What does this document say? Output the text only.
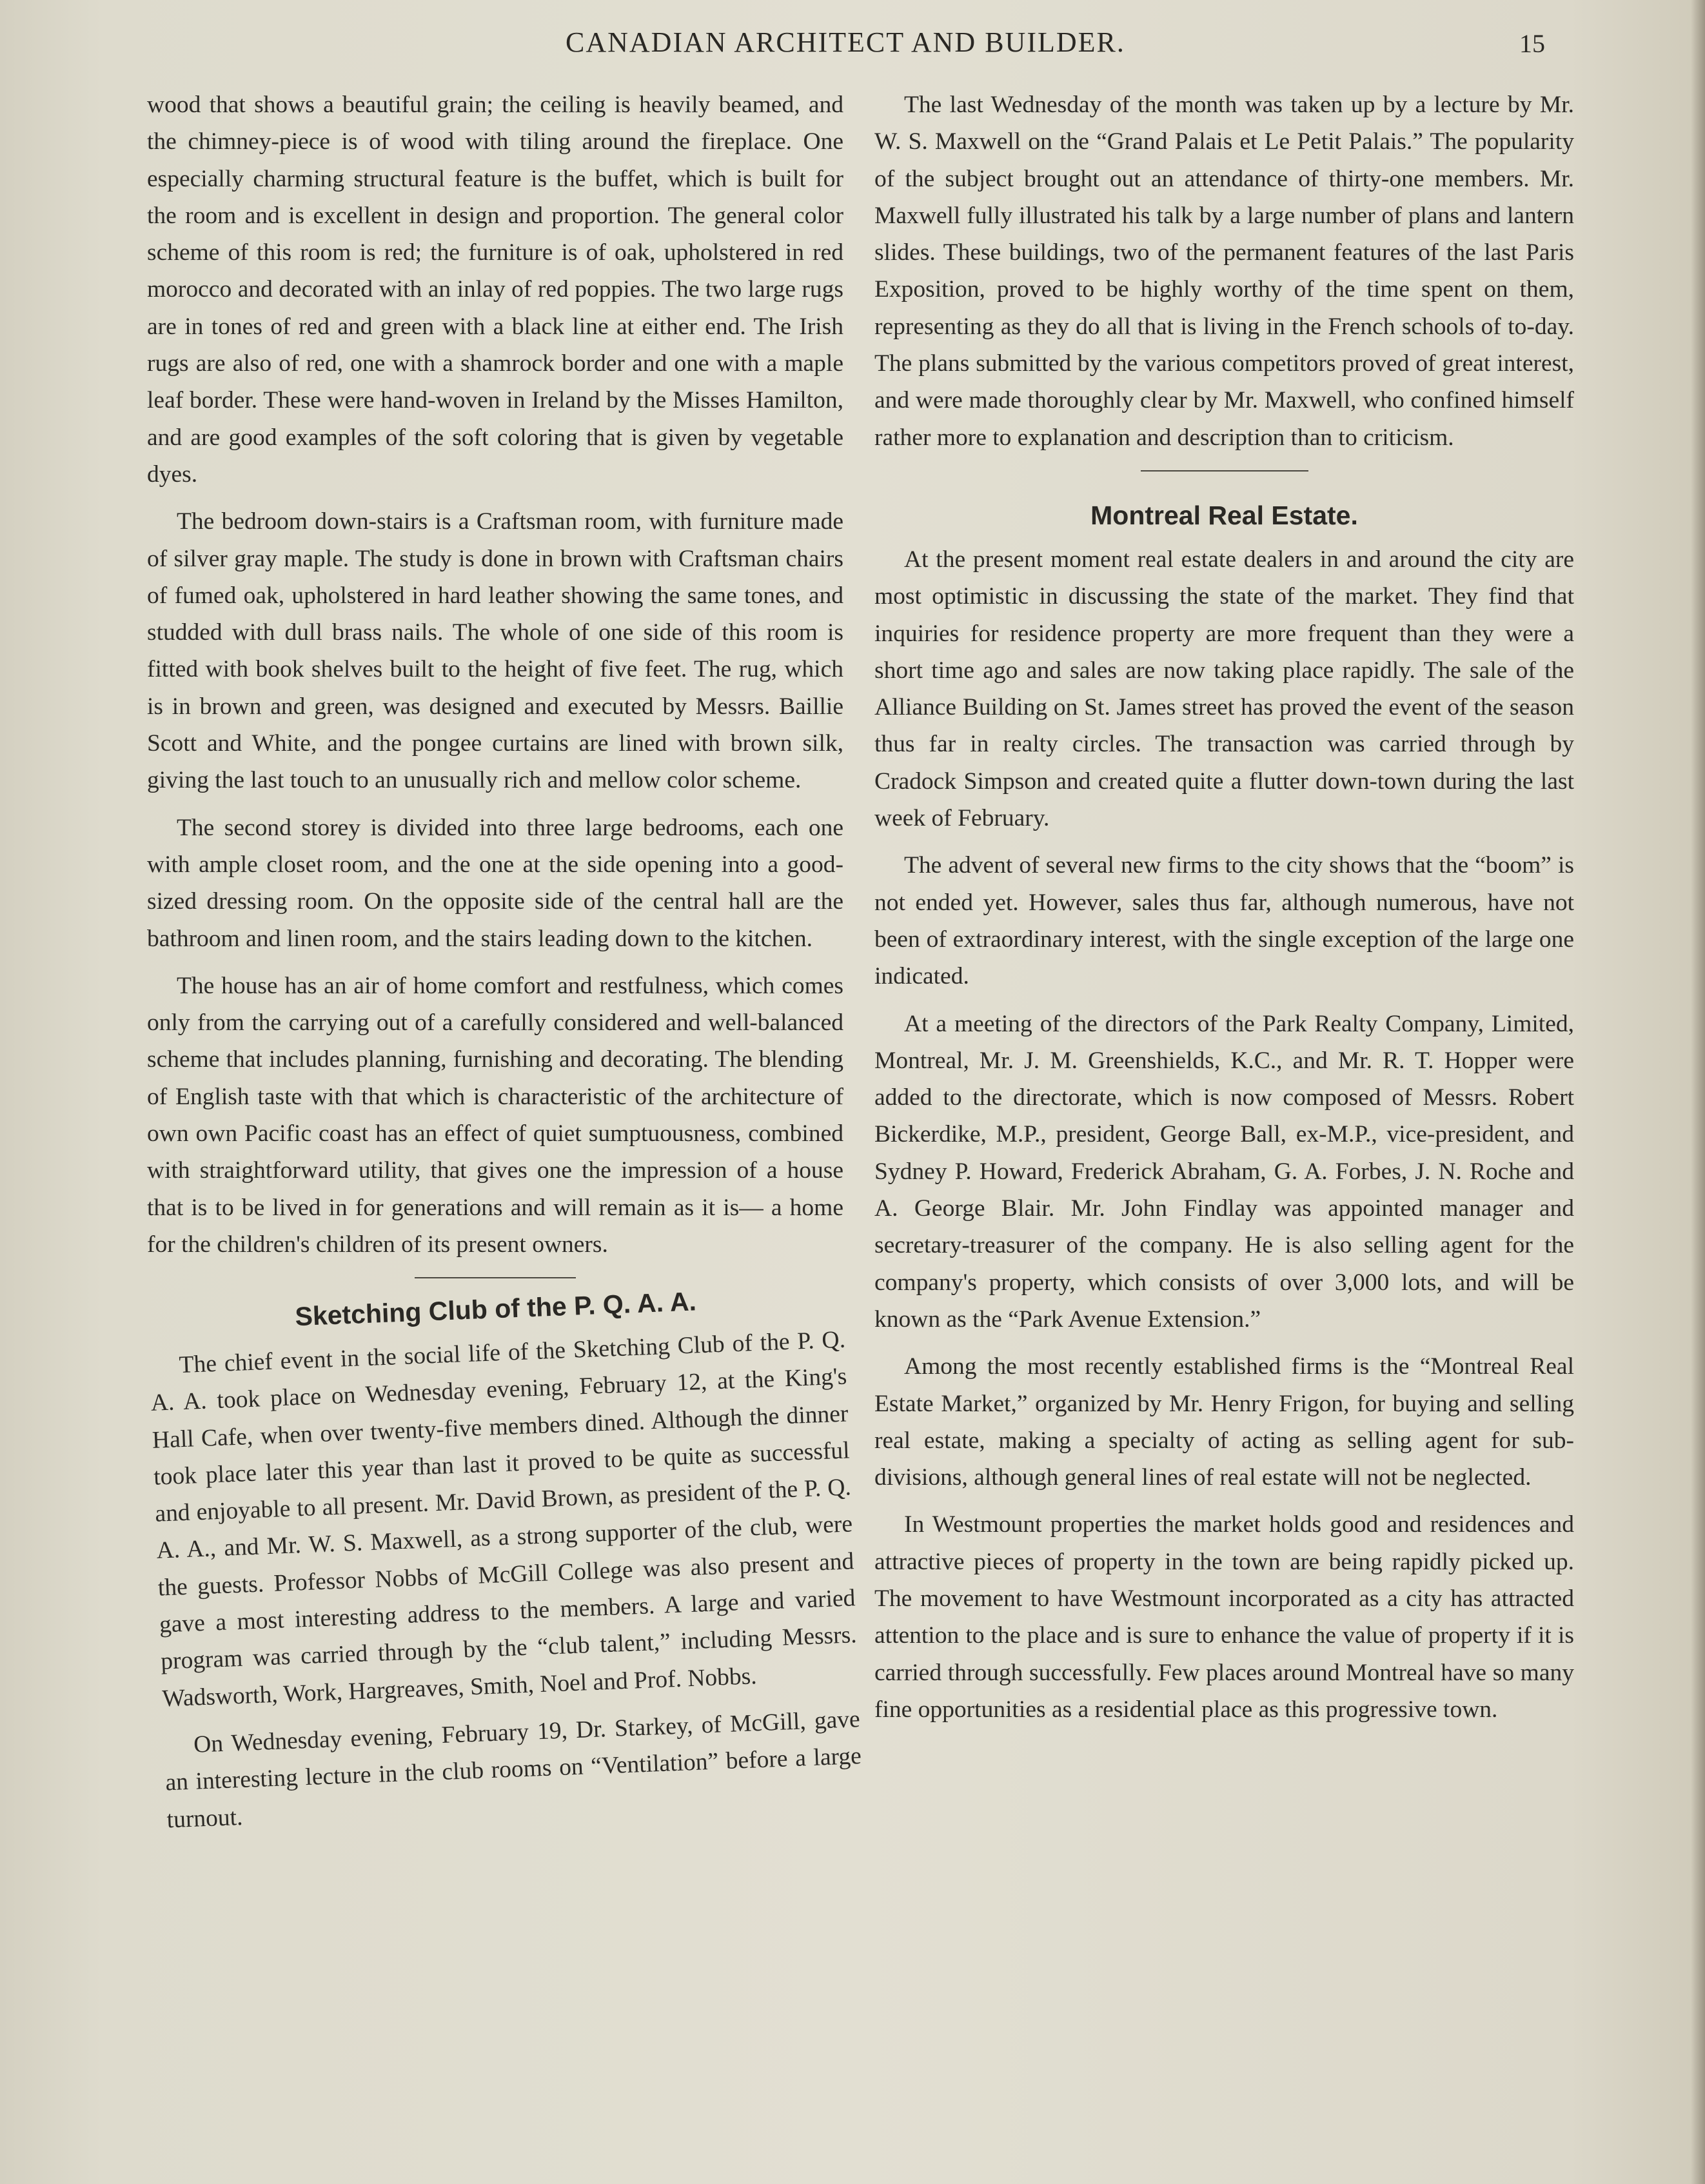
CANADIAN ARCHITECT AND BUILDER.	15

wood that shows a beautiful grain; the ceiling is heavily beamed, and the chimney-piece is of wood with tiling around the fireplace. One especially charming structural feature is the buffet, which is built for the room and is excellent in design and proportion. The general color scheme of this room is red; the furniture is of oak, upholstered in red morocco and decorated with an inlay of red poppies. The two large rugs are in tones of red and green with a black line at either end. The Irish rugs are also of red, one with a shamrock border and one with a maple leaf border. These were hand-woven in Ireland by the Misses Hamilton, and are good examples of the soft coloring that is given by vegetable dyes.

The bedroom down-stairs is a Craftsman room, with furniture made of silver gray maple. The study is done in brown with Craftsman chairs of fumed oak, upholstered in hard leather showing the same tones, and studded with dull brass nails. The whole of one side of this room is fitted with book shelves built to the height of five feet. The rug, which is in brown and green, was designed and executed by Messrs. Baillie Scott and White, and the pongee curtains are lined with brown silk, giving the last touch to an unusually rich and mellow color scheme.

The second storey is divided into three large bedrooms, each one with ample closet room, and the one at the side opening into a good-sized dressing room. On the opposite side of the central hall are the bathroom and linen room, and the stairs leading down to the kitchen.

The house has an air of home comfort and restfulness, which comes only from the carrying out of a carefully considered and well-balanced scheme that includes planning, furnishing and decorating. The blending of English taste with that which is characteristic of the architecture of own own Pacific coast has an effect of quiet sumptuousness, combined with straightforward utility, that gives one the impression of a house that is to be lived in for generations and will remain as it is— a home for the children's children of its present owners.

Sketching Club of the P. Q. A. A.

The chief event in the social life of the Sketching Club of the P. Q. A. A. took place on Wednesday evening, February 12, at the King's Hall Cafe, when over twenty-five members dined. Although the dinner took place later this year than last it proved to be quite as successful and enjoyable to all present. Mr. David Brown, as president of the P. Q. A. A., and Mr. W. S. Maxwell, as a strong supporter of the club, were the guests. Professor Nobbs of McGill College was also present and gave a most interesting address to the members. A large and varied program was carried through by the “club talent,” including Messrs. Wadsworth, Work, Hargreaves, Smith, Noel and Prof. Nobbs.

On Wednesday evening, February 19, Dr. Starkey, of McGill, gave an interesting lecture in the club rooms on “Ventilation” before a large turnout.

The last Wednesday of the month was taken up by a lecture by Mr. W. S. Maxwell on the “Grand Palais et Le Petit Palais.” The popularity of the subject brought out an attendance of thirty-one members. Mr. Maxwell fully illustrated his talk by a large number of plans and lantern slides. These buildings, two of the permanent features of the last Paris Exposition, proved to be highly worthy of the time spent on them, representing as they do all that is living in the French schools of to-day. The plans submitted by the various competitors proved of great interest, and were made thoroughly clear by Mr. Maxwell, who confined himself rather more to explanation and description than to criticism.

Montreal Real Estate.

At the present moment real estate dealers in and around the city are most optimistic in discussing the state of the market. They find that inquiries for residence property are more frequent than they were a short time ago and sales are now taking place rapidly. The sale of the Alliance Building on St. James street has proved the event of the season thus far in realty circles. The transaction was carried through by Cradock Simpson and created quite a flutter down-town during the last week of February.

The advent of several new firms to the city shows that the “boom” is not ended yet. However, sales thus far, although numerous, have not been of extraordinary interest, with the single exception of the large one indicated.

At a meeting of the directors of the Park Realty Company, Limited, Montreal, Mr. J. M. Greenshields, K.C., and Mr. R. T. Hopper were added to the directorate, which is now composed of Messrs. Robert Bickerdike, M.P., president, George Ball, ex-M.P., vice-president, and Sydney P. Howard, Frederick Abraham, G. A. Forbes, J. N. Roche and A. George Blair. Mr. John Findlay was appointed manager and secretary-treasurer of the company. He is also selling agent for the company's property, which consists of over 3,000 lots, and will be known as the “Park Avenue Extension.”

Among the most recently established firms is the “Montreal Real Estate Market,” organized by Mr. Henry Frigon, for buying and selling real estate, making a specialty of acting as selling agent for sub-divisions, although general lines of real estate will not be neglected.

In Westmount properties the market holds good and residences and attractive pieces of property in the town are being rapidly picked up. The movement to have Westmount incorporated as a city has attracted attention to the place and is sure to enhance the value of property if it is carried through successfully. Few places around Montreal have so many fine opportunities as a residential place as this progressive town.
